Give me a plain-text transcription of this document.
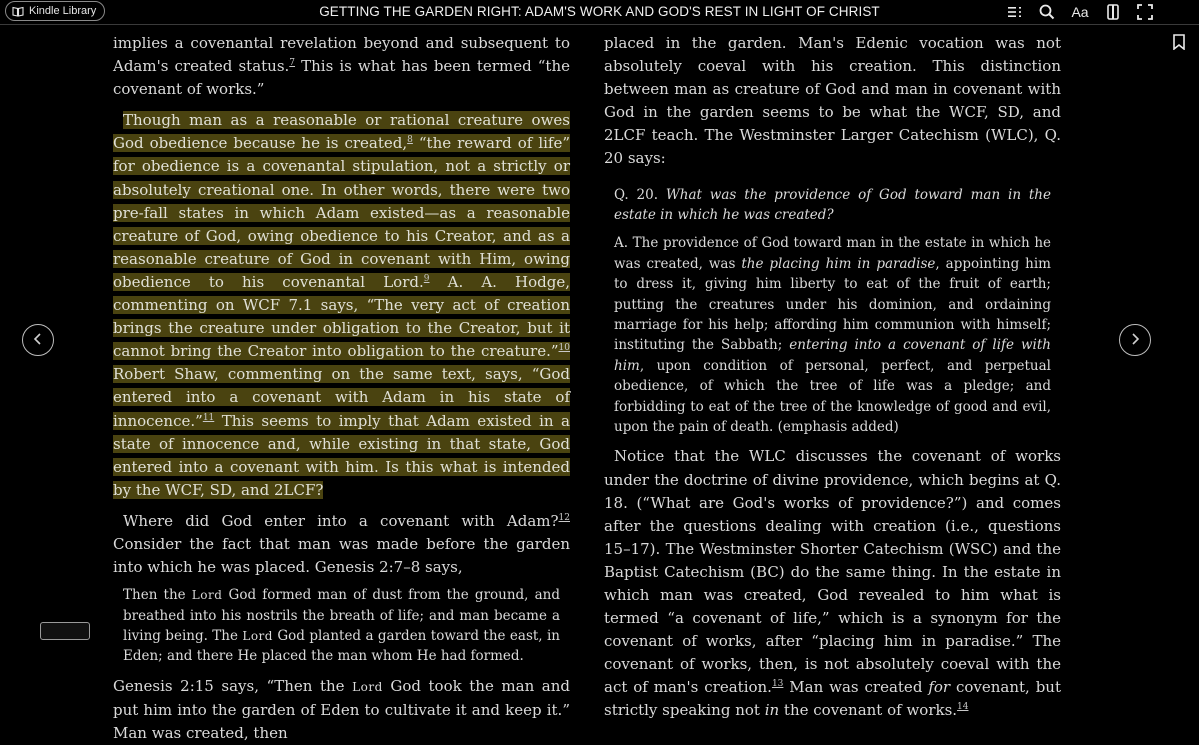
Kindle Library	GETTING THE GARDEN RIGHT: ADAM'S WORK AND GOD'S REST IN LIGHT OF CHRIST	Aa

implies a covenantal revelation beyond and subsequent to Adam's created status.$^7$ This is what has been termed “the covenant of works.”

Though man as a reasonable or rational creature owes God obedience because he is created,$^8$ “the reward of life” for obedience is a covenantal stipulation, not a strictly or absolutely creational one. In other words, there were two pre-fall states in which Adam existed—as a reasonable creature of God, owing obedience to his Creator, and as a reasonable creature of God in covenant with Him, owing obedience to his covenantal Lord.$^9$ A. A. Hodge, commenting on WCF 7.1 says, “The very act of creation brings the creature under obligation to the Creator, but it cannot bring the Creator into obligation to the creature.”$^{10}$ Robert Shaw, commenting on the same text, says, “God entered into a covenant with Adam in his state of innocence.”$^{11}$ This seems to imply that Adam existed in a state of innocence and, while existing in that state, God entered into a covenant with him. Is this what is intended by the WCF, SD, and 2LCF?

Where did God enter into a covenant with Adam?$^{12}$ Consider the fact that man was made before the garden into which he was placed. Genesis 2:7–8 says,

Then the Lord God formed man of dust from the ground, and breathed into his nostrils the breath of life; and man became a living being. The Lord God planted a garden toward the east, in Eden; and there He placed the man whom He had formed.

Genesis 2:15 says, “Then the Lord God took the man and put him into the garden of Eden to cultivate it and keep it.” Man was created, then

placed in the garden. Man's Edenic vocation was not absolutely coeval with his creation. This distinction between man as creature of God and man in covenant with God in the garden seems to be what the WCF, SD, and 2LCF teach. The Westminster Larger Catechism (WLC), Q. 20 says:

Q. 20. What was the providence of God toward man in the estate in which he was created?

A. The providence of God toward man in the estate in which he was created, was the placing him in paradise, appointing him to dress it, giving him liberty to eat of the fruit of earth; putting the creatures under his dominion, and ordaining marriage for his help; affording him communion with himself; instituting the Sabbath; entering into a covenant of life with him, upon condition of personal, perfect, and perpetual obedience, of which the tree of life was a pledge; and forbidding to eat of the tree of the knowledge of good and evil, upon the pain of death. (emphasis added)

Notice that the WLC discusses the covenant of works under the doctrine of divine providence, which begins at Q. 18. (“What are God's works of providence?”) and comes after the questions dealing with creation (i.e., questions 15–17). The Westminster Shorter Catechism (WSC) and the Baptist Catechism (BC) do the same thing. In the estate in which man was created, God revealed to him what is termed “a covenant of life,” which is a synonym for the covenant of works, after “placing him in paradise.” The covenant of works, then, is not absolutely coeval with the act of man's creation.$^{13}$ Man was created for covenant, but strictly speaking not in the covenant of works.$^{14}$
